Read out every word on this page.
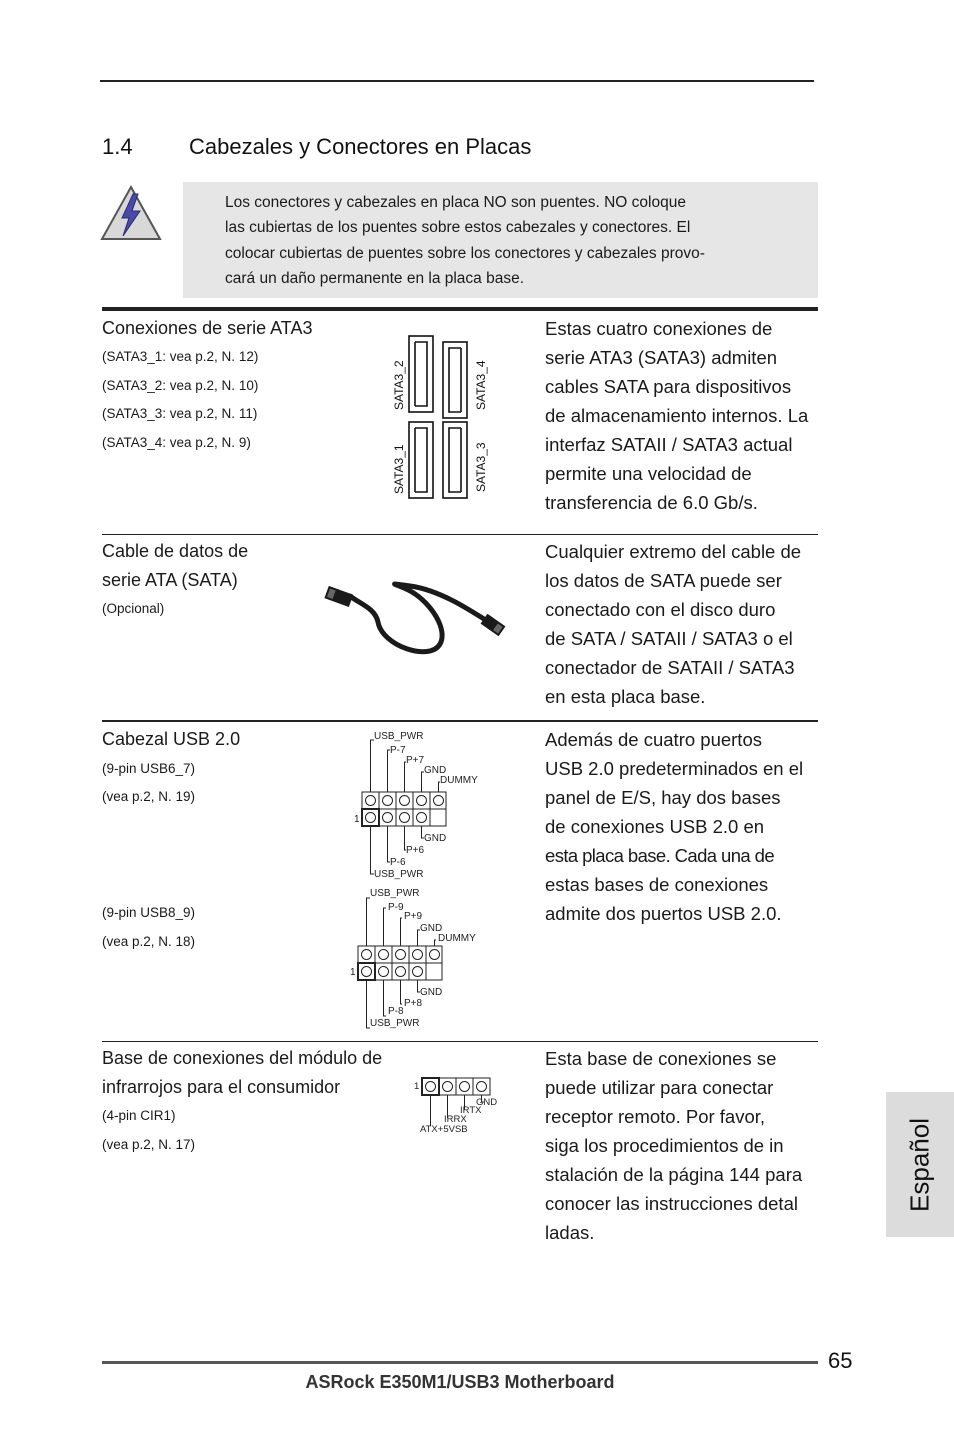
1.4	Cabezales y Conectores en Placas
Los conectores y cabezales en placa NO son puentes. NO coloque
las cubiertas de los puentes sobre estos cabezales y conectores. El
colocar cubiertas de puentes sobre los conectores y cabezales provo-
cará un daño permanente en la placa base.
Conexiones de serie ATA3
(SATA3_1: vea p.2, N. 12)
(SATA3_2: vea p.2, N. 10)
(SATA3_3: vea p.2, N. 11)
(SATA3_4: vea p.2, N. 9)
SATA3_2	SATA3_4
SATA3_1	SATA3_3
Estas cuatro conexiones de
serie ATA3 (SATA3) admiten
cables SATA para dispositivos
de almacenamiento internos. La
interfaz SATAII / SATA3 actual
permite una velocidad de
transferencia de 6.0 Gb/s.
Cable de datos de
serie ATA (SATA)
(Opcional)
Cualquier extremo del cable de
los datos de SATA puede ser
conectado con el disco duro
de SATA / SATAII / SATA3 o el
conectador de SATAII / SATA3
en esta placa base.
Cabezal USB 2.0
(9-pin USB6_7)
(vea p.2, N. 19)
(9-pin USB8_9)
(vea p.2, N. 18)
USB_PWR
P-7
P+7
GND
DUMMY
1
GND
P+6
P-6
USB_PWR
USB_PWR
P-9
P+9
GND
DUMMY
1
GND
P+8
P-8
USB_PWR
Además de cuatro puertos
USB 2.0 predeterminados en el
panel de E/S, hay dos bases
de conexiones USB 2.0 en
esta placa base. Cada una de
estas bases de conexiones
admite dos puertos USB 2.0.
Base de conexiones del módulo de
infrarrojos para el consumidor
(4-pin CIR1)
(vea p.2, N. 17)
1
GND
IRTX
IRRX
ATX+5VSB
Esta base de conexiones se
puede utilizar para conectar
receptor remoto. Por favor,
siga los procedimientos de in
stalación de la página 144 para
conocer las instrucciones detal
ladas.
Español
65
ASRock E350M1/USB3 Motherboard
